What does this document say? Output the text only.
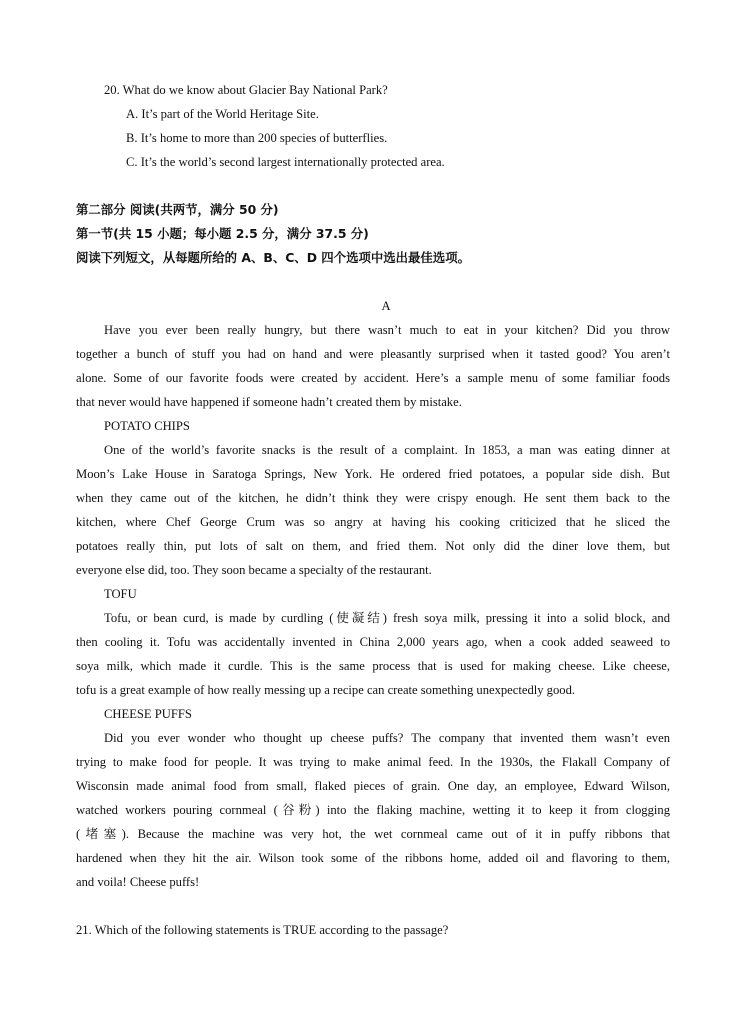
20. What do we know about Glacier Bay National Park?
A. It’s part of the World Heritage Site.
B. It’s home to more than 200 species of butterflies.
C. It’s the world’s second largest internationally protected area.
第二部分 阅读(共两节，满分 50 分)
第一节(共 15 小题；每小题 2.5 分，满分 37.5 分)
阅读下列短文，从每题所给的 A、B、C、D 四个选项中选出最佳选项。
A
Have you ever been really hungry, but there wasn’t much to eat in your kitchen? Did you throw
together a bunch of stuff you had on hand and were pleasantly surprised when it tasted good? You aren’t
alone. Some of our favorite foods were created by accident. Here’s a sample menu of some familiar foods
that never would have happened if someone hadn’t created them by mistake.
POTATO CHIPS
One of the world’s favorite snacks is the result of a complaint. In 1853, a man was eating dinner at
Moon’s Lake House in Saratoga Springs, New York. He ordered fried potatoes, a popular side dish. But
when they came out of the kitchen, he didn’t think they were crispy enough. He sent them back to the
kitchen, where Chef George Crum was so angry at having his cooking criticized that he sliced the
potatoes really thin, put lots of salt on them, and fried them. Not only did the diner love them, but
everyone else did, too. They soon became a specialty of the restaurant.
TOFU
Tofu, or bean curd, is made by curdling (使凝结) fresh soya milk, pressing it into a solid block, and
then cooling it. Tofu was accidentally invented in China 2,000 years ago, when a cook added seaweed to
soya milk, which made it curdle. This is the same process that is used for making cheese. Like cheese,
tofu is a great example of how really messing up a recipe can create something unexpectedly good.
CHEESE PUFFS
Did you ever wonder who thought up cheese puffs? The company that invented them wasn’t even
trying to make food for people. It was trying to make animal feed. In the 1930s, the Flakall Company of
Wisconsin made animal food from small, flaked pieces of grain. One day, an employee, Edward Wilson,
watched workers pouring cornmeal (谷粉) into the flaking machine, wetting it to keep it from clogging
(堵塞). Because the machine was very hot, the wet cornmeal came out of it in puffy ribbons that
hardened when they hit the air. Wilson took some of the ribbons home, added oil and flavoring to them,
and voila! Cheese puffs!
21. Which of the following statements is TRUE according to the passage?
